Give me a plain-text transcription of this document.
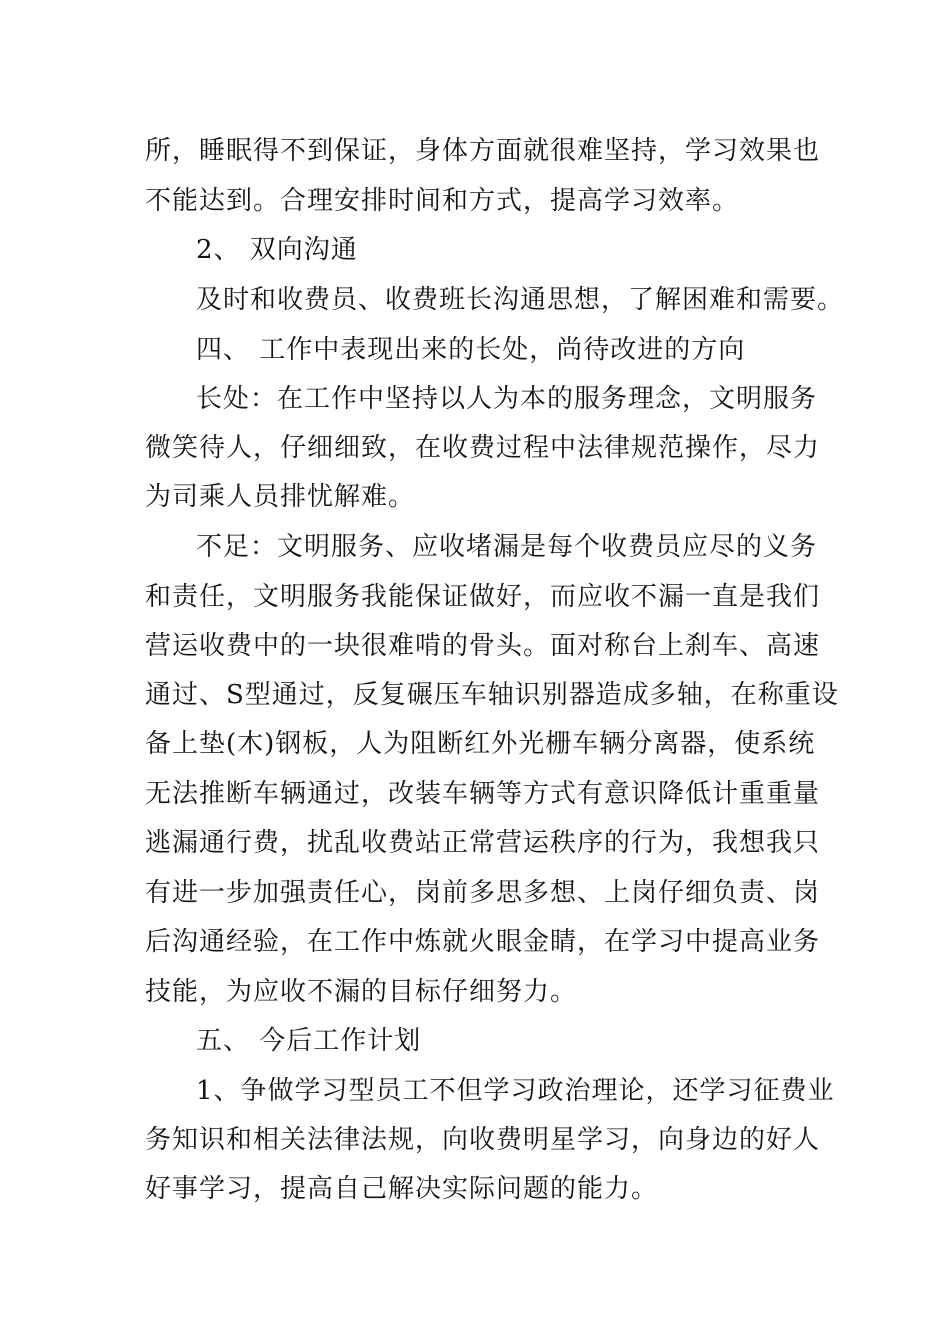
所，睡眠得不到保证，身体方面就很难坚持，学习效果也
不能达到。合理安排时间和方式，提高学习效率。
2、 双向沟通
及时和收费员、收费班长沟通思想，了解困难和需要。
四、 工作中表现出来的长处，尚待改进的方向
长处：在工作中坚持以人为本的服务理念，文明服务
微笑待人，仔细细致，在收费过程中法律规范操作，尽力
为司乘人员排忧解难。
不足：文明服务、应收堵漏是每个收费员应尽的义务
和责任，文明服务我能保证做好，而应收不漏一直是我们
营运收费中的一块很难啃的骨头。面对称台上刹车、高速
通过、S型通过，反复碾压车轴识别器造成多轴，在称重设
备上垫(木)钢板，人为阻断红外光栅车辆分离器，使系统
无法推断车辆通过，改装车辆等方式有意识降低计重重量
逃漏通行费，扰乱收费站正常营运秩序的行为，我想我只
有进一步加强责任心，岗前多思多想、上岗仔细负责、岗
后沟通经验，在工作中炼就火眼金睛，在学习中提高业务
技能，为应收不漏的目标仔细努力。
五、 今后工作计划
1、争做学习型员工不但学习政治理论，还学习征费业
务知识和相关法律法规，向收费明星学习，向身边的好人
好事学习，提高自己解决实际问题的能力。
